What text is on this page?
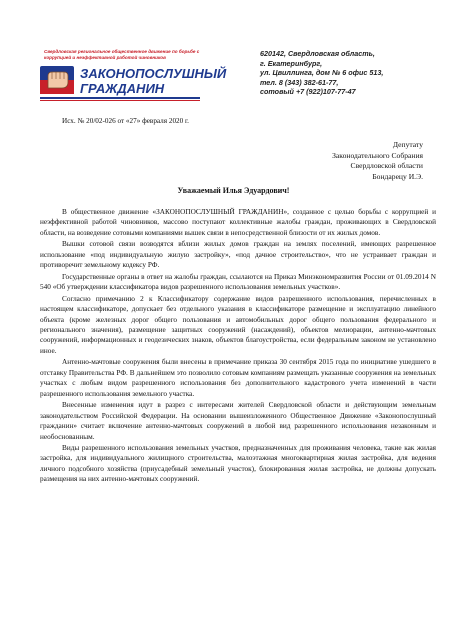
Свердловская региональное общественное движение по борьбе с коррупцией и неэффективной работой чиновников
ЗАКОНОПОСЛУШНЫЙ
ГРАЖДАНИН
620142, Свердловская область,
г. Екатеринбург,
ул. Цвиллинга, дом № 6 офис 513,
тел. 8 (343) 382-61-77,
сотовый +7 (922)107-77-47
Исх. № 20/02-026 от «27» февраля 2020 г.
Депутату
Законодательного Собрания
Свердловской области
Бондарецу И.Э.
Уважаемый Илья Эдуардович!

В общественное движение «ЗАКОНОПОСЛУШНЫЙ ГРАЖДАНИН», созданное с целью борьбы с коррупцией и неэффективной работой чиновников, массово поступают коллективные жалобы граждан, проживающих в Свердловской области, на возведение сотовыми компаниями вышек связи в непосредственной близости от их жилых домов.

Вышки сотовой связи возводятся вблизи жилых домов граждан на землях поселений, имеющих разрешенное использование «под индивидуальную жилую застройку», «под дачное строительство», что не устраивает граждан и противоречит земельному кодексу РФ.

Государственные органы в ответ на жалобы граждан, ссылаются на Приказ Минэкономразвития России от 01.09.2014 N 540 «Об утверждении классификатора видов разрешенного использования земельных участков».

Согласно примечанию 2 к Классификатору содержание видов разрешенного использования, перечисленных в настоящем классификаторе, допускает без отдельного указания в классификаторе размещение и эксплуатацию линейного объекта (кроме железных дорог общего пользования и автомобильных дорог общего пользования федерального и регионального значения), размещение защитных сооружений (насаждений), объектов мелиорации, антенно-мачтовых сооружений, информационных и геодезических знаков, объектов благоустройства, если федеральным законом не установлено иное.

Антенно-мачтовые сооружения были внесены в примечание приказа 30 сентября 2015 года по инициативе ушедшего в отставку Правительства РФ. В дальнейшем это позволило сотовым компаниям размещать указанные сооружения на земельных участках с любым видом разрешенного использования без дополнительного кадастрового учета изменений в части разрешенного использования земельного участка.

Внесенные изменения идут в разрез с интересами жителей Свердловской области и действующим земельным законодательством Российской Федерации. На основании вышеизложенного Общественное Движение «Законопослушный гражданин» считает включение антенно-мачтовых сооружений в любой вид разрешенного использования незаконным и необоснованным.

Виды разрешенного использования земельных участков, предназначенных для проживания человека, такие как жилая застройка, для индивидуального жилищного строительства, малоэтажная многоквартирная жилая застройка, для ведения личного подсобного хозяйства (приусадебный земельный участок), блокированная жилая застройка, не должны допускать размещения на них антенно-мачтовых сооружений.
